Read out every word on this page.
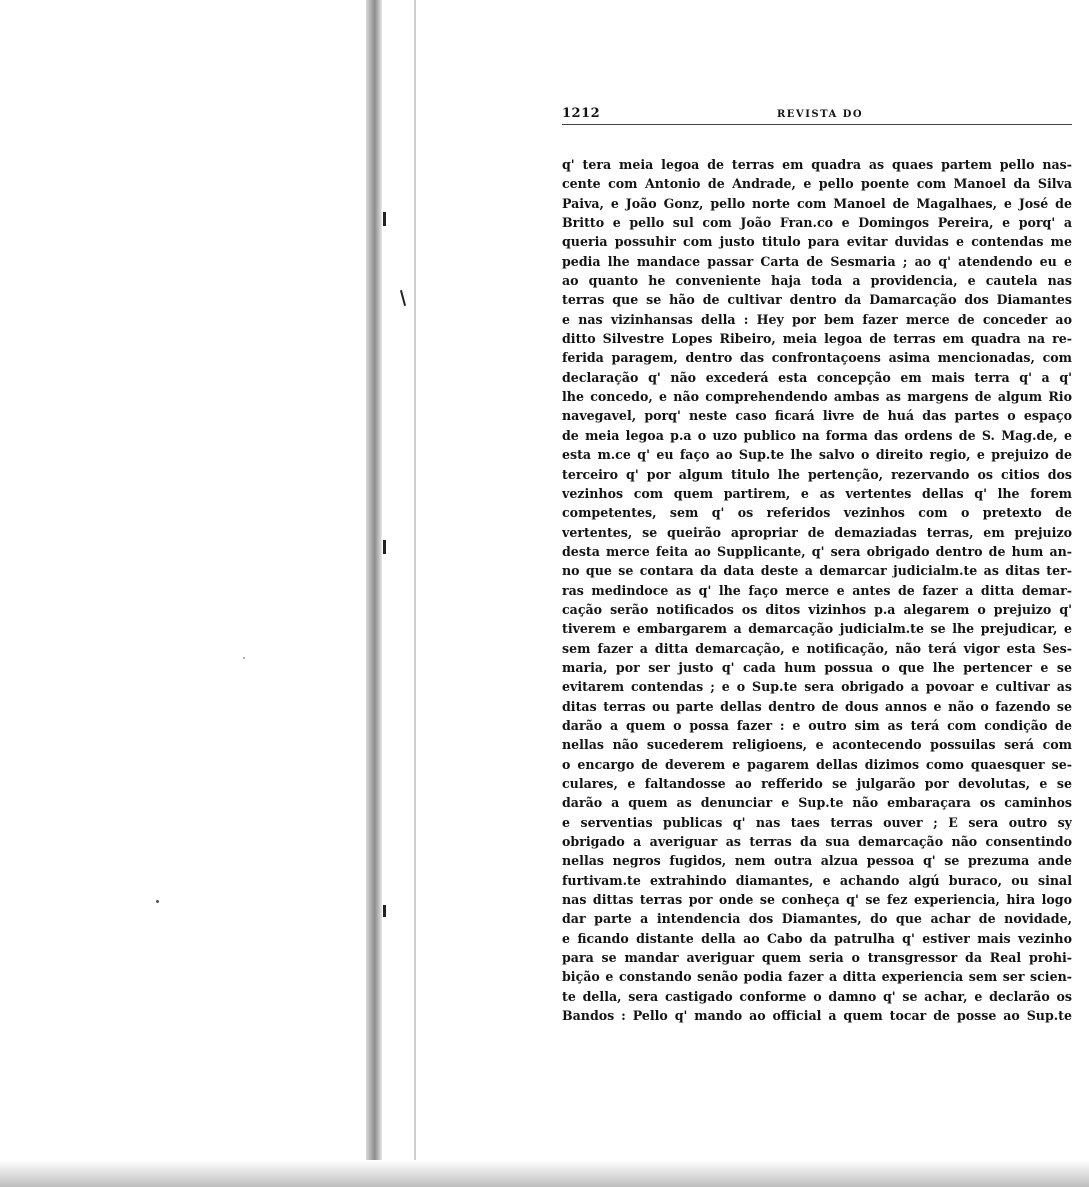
1212	REVISTA DO
q' tera meia legoa de terras em quadra as quaes partem pello nas-
cente com Antonio de Andrade, e pello poente com Manoel da Silva
Paiva, e João Gonz, pello norte com Manoel de Magalhaes, e José de
Britto e pello sul com João Fran.co e Domingos Pereira, e porq' a
queria possuhir com justo titulo para evitar duvidas e contendas me
pedia lhe mandace passar Carta de Sesmaria ; ao q' atendendo eu e
ao quanto he conveniente haja toda a providencia, e cautela nas
terras que se hão de cultivar dentro da Damarcação dos Diamantes
e nas vizinhansas della : Hey por bem fazer merce de conceder ao
ditto Silvestre Lopes Ribeiro, meia legoa de terras em quadra na re-
ferida paragem, dentro das confrontaçoens asima mencionadas, com
declaração q' não excederá esta concepção em mais terra q' a q'
lhe concedo, e não comprehendendo ambas as margens de algum Rio
navegavel, porq' neste caso ficará livre de huá das partes o espaço
de meia legoa p.a o uzo publico na forma das ordens de S. Mag.de, e
esta m.ce q' eu faço ao Sup.te lhe salvo o direito regio, e prejuizo de
terceiro q' por algum titulo lhe pertenção, rezervando os citios dos
vezinhos com quem partirem, e as vertentes dellas q' lhe forem
competentes, sem q' os referidos vezinhos com o pretexto de
vertentes, se queirão apropriar de demaziadas terras, em prejuizo
desta merce feita ao Supplicante, q' sera obrigado dentro de hum an-
no que se contara da data deste a demarcar judicialm.te as ditas ter-
ras medindoce as q' lhe faço merce e antes de fazer a ditta demar-
cação serão notificados os ditos vizinhos p.a alegarem o prejuizo q'
tiverem e embargarem a demarcação judicialm.te se lhe prejudicar, e
sem fazer a ditta demarcação, e notificação, não terá vigor esta Ses-
maria, por ser justo q' cada hum possua o que lhe pertencer e se
evitarem contendas ; e o Sup.te sera obrigado a povoar e cultivar as
ditas terras ou parte dellas dentro de dous annos e não o fazendo se
darão a quem o possa fazer : e outro sim as terá com condição de
nellas não sucederem religioens, e acontecendo possuilas será com
o encargo de deverem e pagarem dellas dizimos como quaesquer se-
culares, e faltandosse ao refferido se julgarão por devolutas, e se
darão a quem as denunciar e Sup.te não embaraçara os caminhos
e serventias publicas q' nas taes terras ouver ; E sera outro sy
obrigado a averiguar as terras da sua demarcação não consentindo
nellas negros fugidos, nem outra alzua pessoa q' se prezuma ande
furtivam.te extrahindo diamantes, e achando algú buraco, ou sinal
nas dittas terras por onde se conheça q' se fez experiencia, hira logo
dar parte a intendencia dos Diamantes, do que achar de novidade,
e ficando distante della ao Cabo da patrulha q' estiver mais vezinho
para se mandar averiguar quem seria o transgressor da Real prohi-
bição e constando senão podia fazer a ditta experiencia sem ser scien-
te della, sera castigado conforme o damno q' se achar, e declarão os
Bandos : Pello q' mando ao official a quem tocar de posse ao Sup.te
